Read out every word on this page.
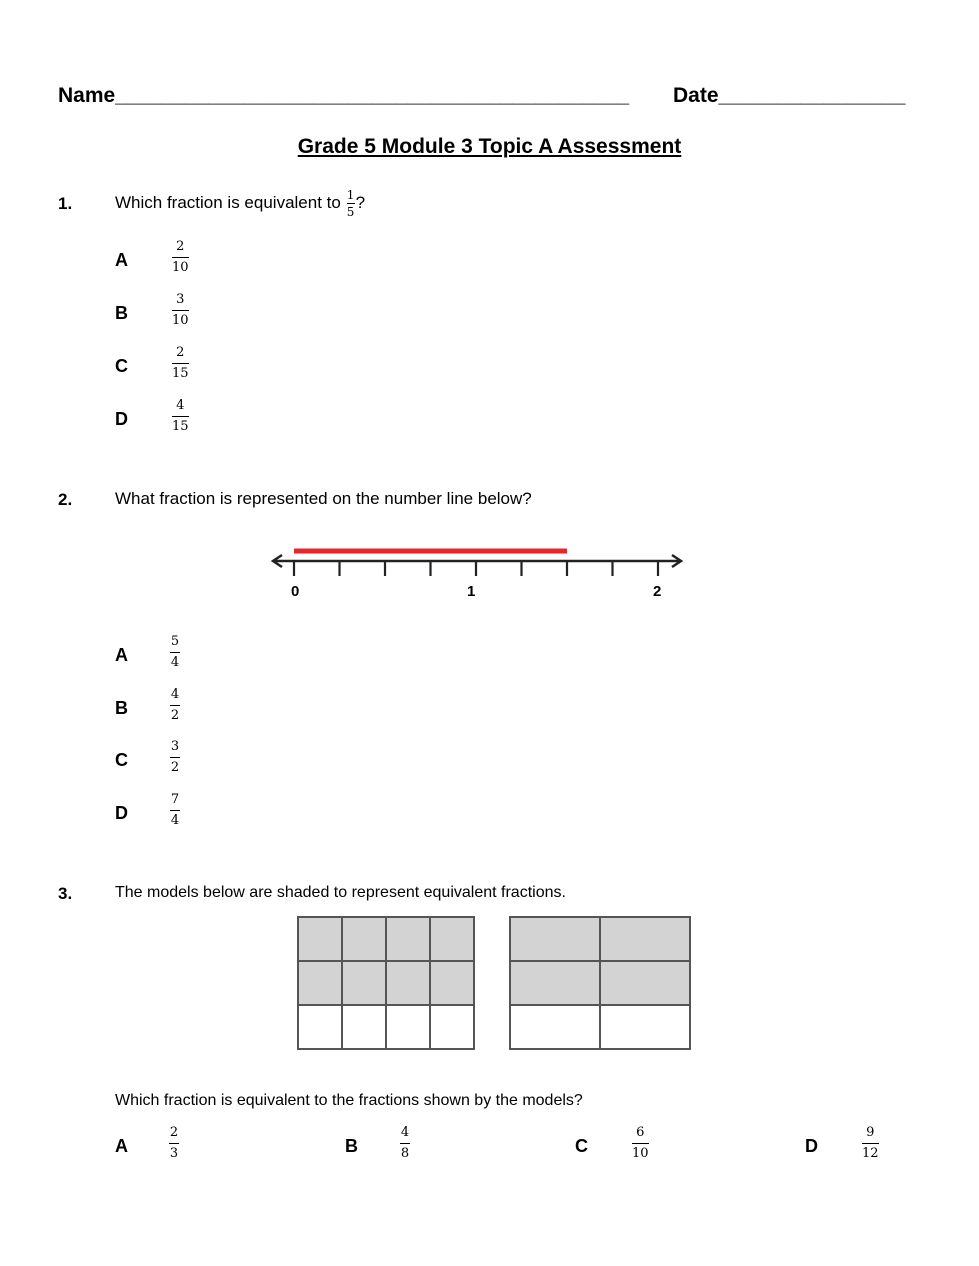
Name____________________________________________ Date________________
Grade 5 Module 3 Topic A Assessment
1.	Which fraction is equivalent to 1
5 ?
A
2
10
B
3
10
C
2
15
D
4
15
2.	What fraction is represented on the number line below?
0	1	2
A
5
4
B
4
2
C
3
2
D
7
4
3.	The models below are shaded to represent equivalent fractions.

Which fraction is equivalent to the fractions shown by the models?
A
2
3	B
4
8	C
6
10	D
9
12
